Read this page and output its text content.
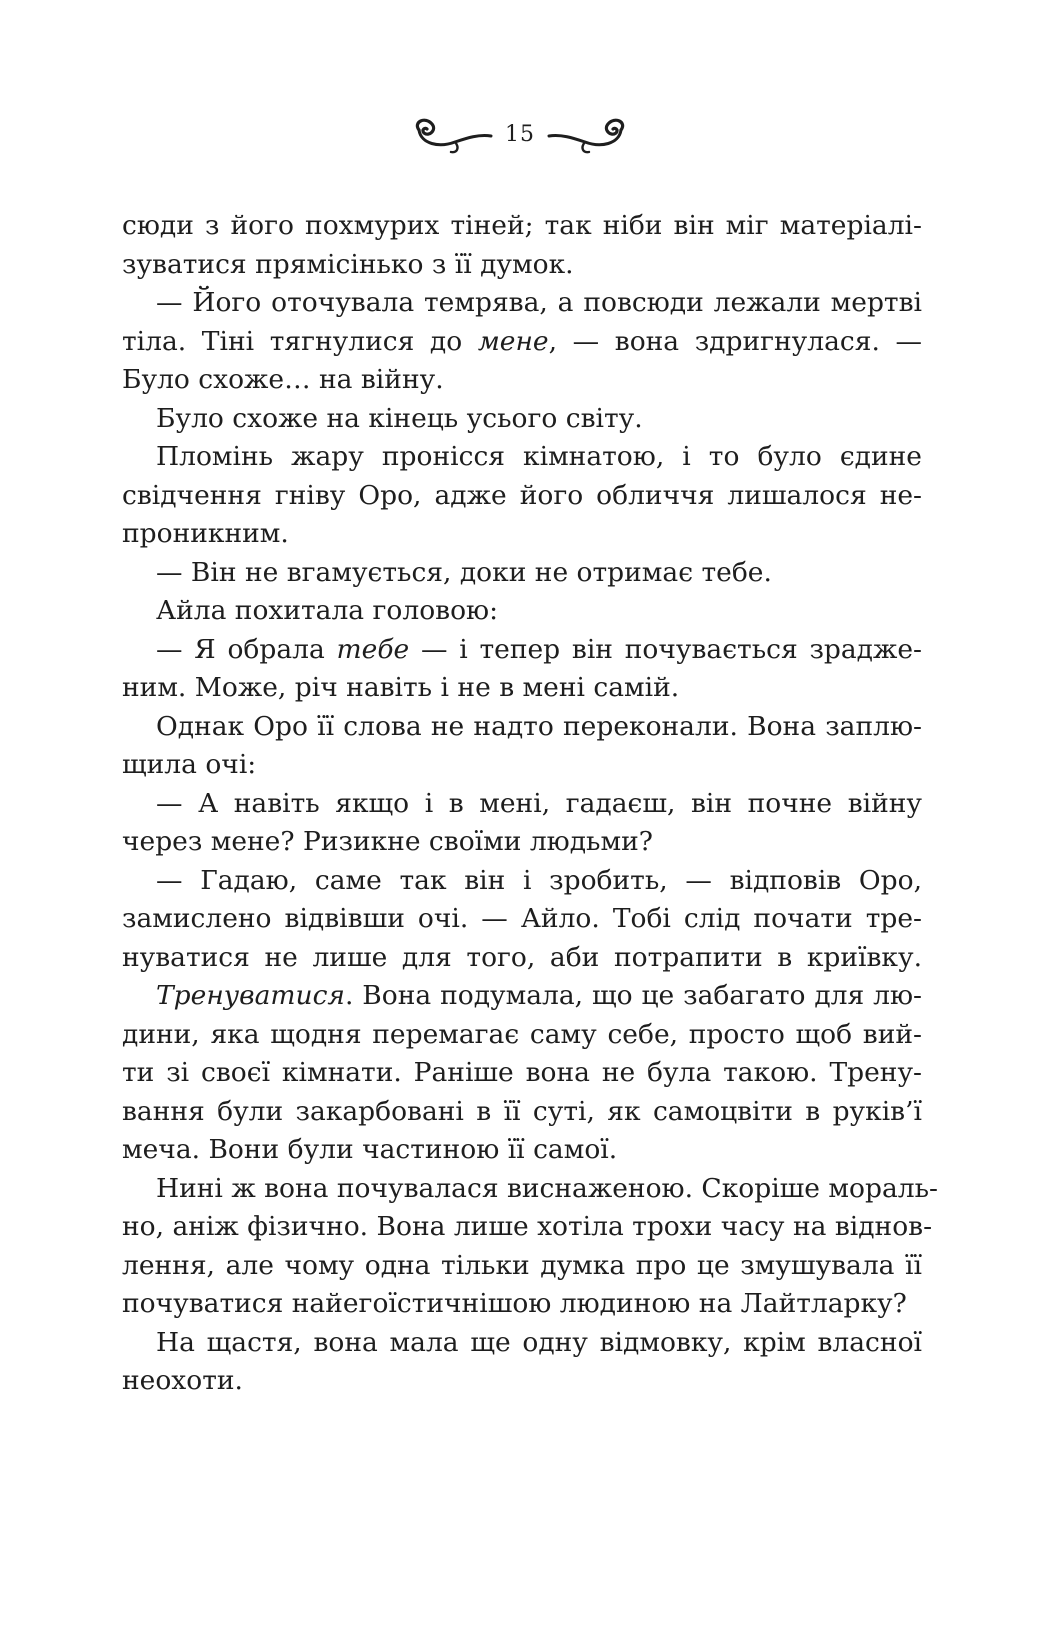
15
сюди з його похмурих тіней; так ніби він міг матеріалі-
зуватися прямісінько з її думок.
— Його оточувала темрява, а повсюди лежали мертві
тіла. Тіні тягнулися до мене, — вона здригнулася. —
Було схоже… на війну.
Було схоже на кінець усього світу.
Пломінь жару пронісся кімнатою, і то було єдине
свідчення гніву Оро, адже його обличчя лишалося не-
проникним.
— Він не вгамується, доки не отримає тебе.
Айла похитала головою:
— Я обрала тебе — і тепер він почувається зрадже-
ним. Може, річ навіть і не в мені самій.
Однак Оро її слова не надто переконали. Вона заплю-
щила очі:
— А навіть якщо і в мені, гадаєш, він почне війну
через мене? Ризикне своїми людьми?
— Гадаю, саме так він і зробить, — відповів Оро,
замислено відвівши очі. — Айло. Тобі слід почати тре-
нуватися не лише для того, аби потрапити в криївку.
Тренуватися. Вона подумала, що це забагато для лю-
дини, яка щодня перемагає саму себе, просто щоб вий-
ти зі своєї кімнати. Раніше вона не була такою. Трену-
вання були закарбовані в її суті, як самоцвіти в руків’ї
меча. Вони були частиною її самої.
Нині ж вона почувалася виснаженою. Скоріше мораль-
но, аніж фізично. Вона лише хотіла трохи часу на віднов-
лення, але чому одна тільки думка про це змушувала її
почуватися найегоїстичнішою людиною на Лайтларку?
На щастя, вона мала ще одну відмовку, крім власної
неохоти.
